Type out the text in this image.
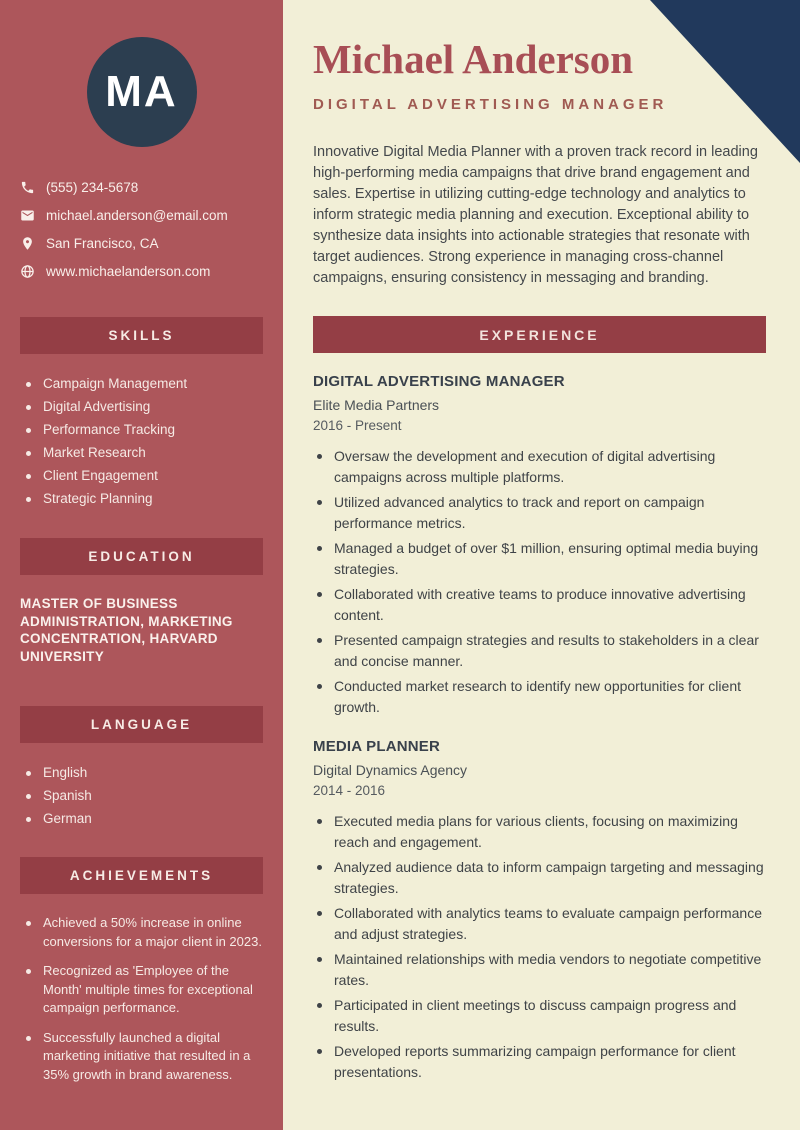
MA
(555) 234-5678
michael.anderson@email.com
San Francisco, CA
www.michaelanderson.com
SKILLS
Campaign Management
Digital Advertising
Performance Tracking
Market Research
Client Engagement
Strategic Planning
EDUCATION
MASTER OF BUSINESS ADMINISTRATION, MARKETING CONCENTRATION, HARVARD UNIVERSITY
LANGUAGE
English
Spanish
German
ACHIEVEMENTS
Achieved a 50% increase in online conversions for a major client in 2023.
Recognized as 'Employee of the Month' multiple times for exceptional campaign performance.
Successfully launched a digital marketing initiative that resulted in a 35% growth in brand awareness.
Michael Anderson
DIGITAL ADVERTISING MANAGER

Innovative Digital Media Planner with a proven track record in leading high-performing media campaigns that drive brand engagement and sales. Expertise in utilizing cutting-edge technology and analytics to inform strategic media planning and execution. Exceptional ability to synthesize data insights into actionable strategies that resonate with target audiences. Strong experience in managing cross-channel campaigns, ensuring consistency in messaging and branding.

EXPERIENCE
DIGITAL ADVERTISING MANAGER
Elite Media Partners
2016 - Present
Oversaw the development and execution of digital advertising campaigns across multiple platforms.
Utilized advanced analytics to track and report on campaign performance metrics.
Managed a budget of over $1 million, ensuring optimal media buying strategies.
Collaborated with creative teams to produce innovative advertising content.
Presented campaign strategies and results to stakeholders in a clear and concise manner.
Conducted market research to identify new opportunities for client growth.
MEDIA PLANNER
Digital Dynamics Agency
2014 - 2016
Executed media plans for various clients, focusing on maximizing reach and engagement.
Analyzed audience data to inform campaign targeting and messaging strategies.
Collaborated with analytics teams to evaluate campaign performance and adjust strategies.
Maintained relationships with media vendors to negotiate competitive rates.
Participated in client meetings to discuss campaign progress and results.
Developed reports summarizing campaign performance for client presentations.
